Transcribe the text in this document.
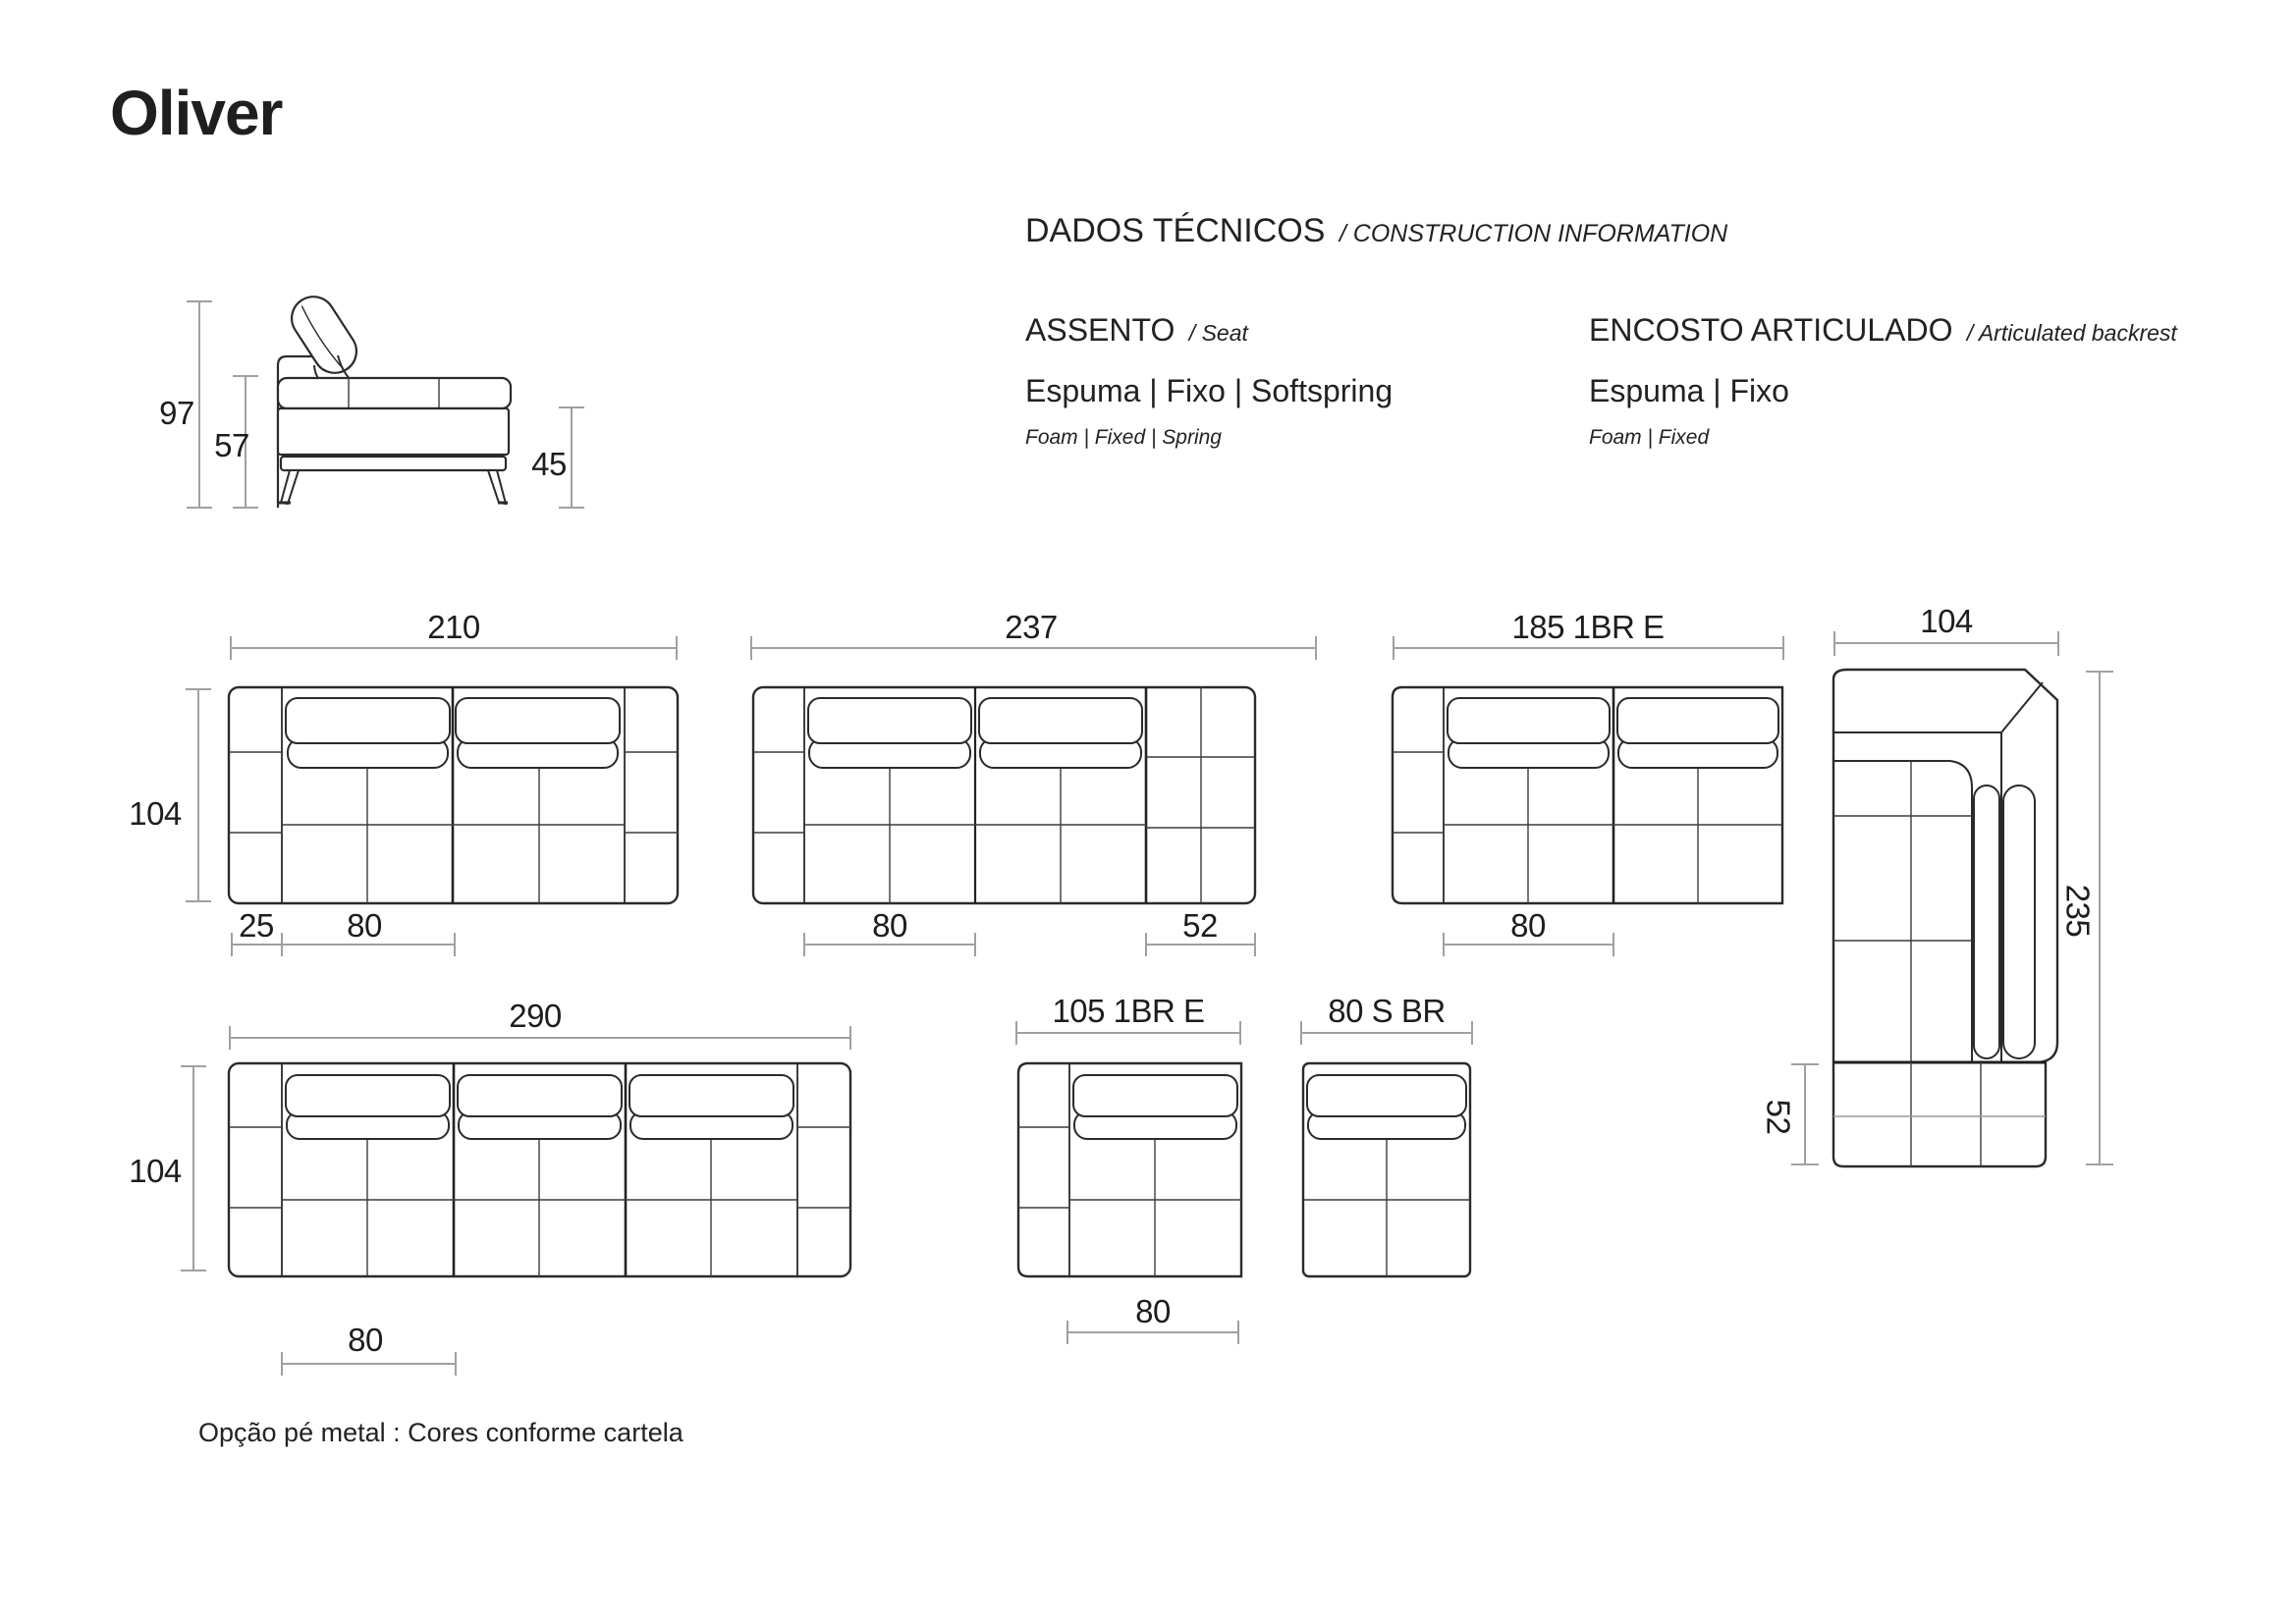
Oliver
DADOS TÉCNICOS / CONSTRUCTION INFORMATION
ASSENTO / Seat
Espuma | Fixo | Softspring
Foam | Fixed | Spring
ENCOSTO ARTICULADO / Articulated backrest
Espuma | Fixo
Foam | Fixed
97
57
45
210
104
25	80
237
80	52
185 1BR E
80
104
235
52
290
104
80
105 1BR E
80
80 S BR
Opção pé metal : Cores conforme cartela
